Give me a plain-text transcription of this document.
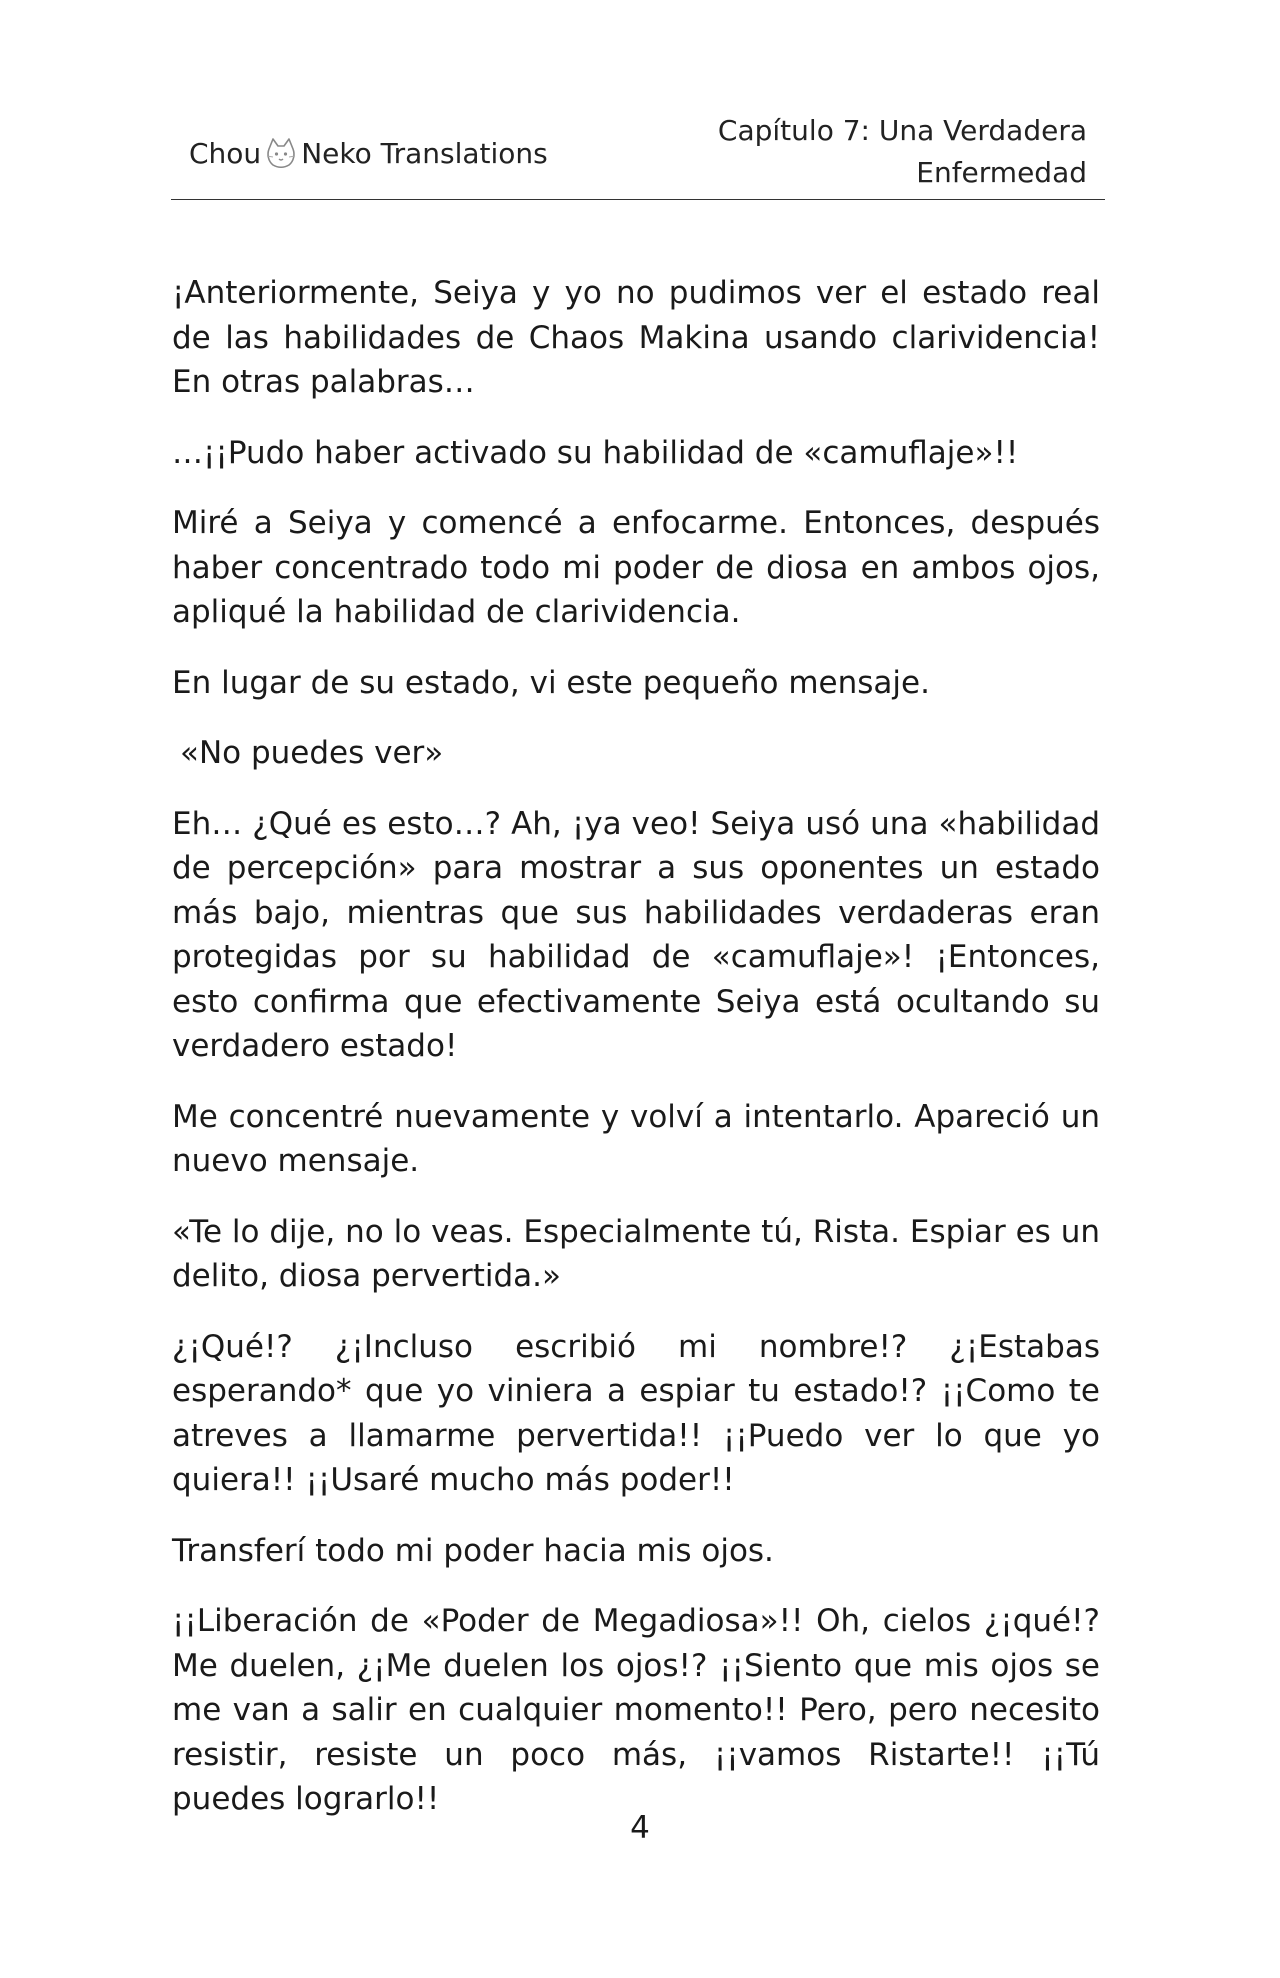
Chou Neko Translations
Capítulo 7: Una Verdadera
Enfermedad

¡Anteriormente, Seiya y yo no pudimos ver el estado real de las habilidades de Chaos Makina usando clarividencia! En otras palabras…

…¡¡Pudo haber activado su habilidad de «camuflaje»!!

Miré a Seiya y comencé a enfocarme. Entonces, después haber concentrado todo mi poder de diosa en ambos ojos, apliqué la habilidad de clarividencia.

En lugar de su estado, vi este pequeño mensaje.

«No puedes ver»

Eh… ¿Qué es esto…? Ah, ¡ya veo! Seiya usó una «habilidad de percepción» para mostrar a sus oponentes un estado más bajo, mientras que sus habilidades verdaderas eran protegidas por su habilidad de «camuflaje»! ¡Entonces, esto confirma que efectivamente Seiya está ocultando su verdadero estado!

Me concentré nuevamente y volví a intentarlo. Apareció un nuevo mensaje.

«Te lo dije, no lo veas. Especialmente tú, Rista. Espiar es un delito, diosa pervertida.»

¿¡Qué!? ¿¡Incluso escribió mi nombre!? ¿¡Estabas esperando* que yo viniera a espiar tu estado!? ¡¡Como te atreves a llamarme pervertida!! ¡¡Puedo ver lo que yo quiera!! ¡¡Usaré mucho más poder!!

Transferí todo mi poder hacia mis ojos.

¡¡Liberación de «Poder de Megadiosa»!! Oh, cielos ¿¡qué!? Me duelen, ¿¡Me duelen los ojos!? ¡¡Siento que mis ojos se me van a salir en cualquier momento!! Pero, pero necesito resistir, resiste un poco más, ¡¡vamos Ristarte!! ¡¡Tú puedes lograrlo!!

4
